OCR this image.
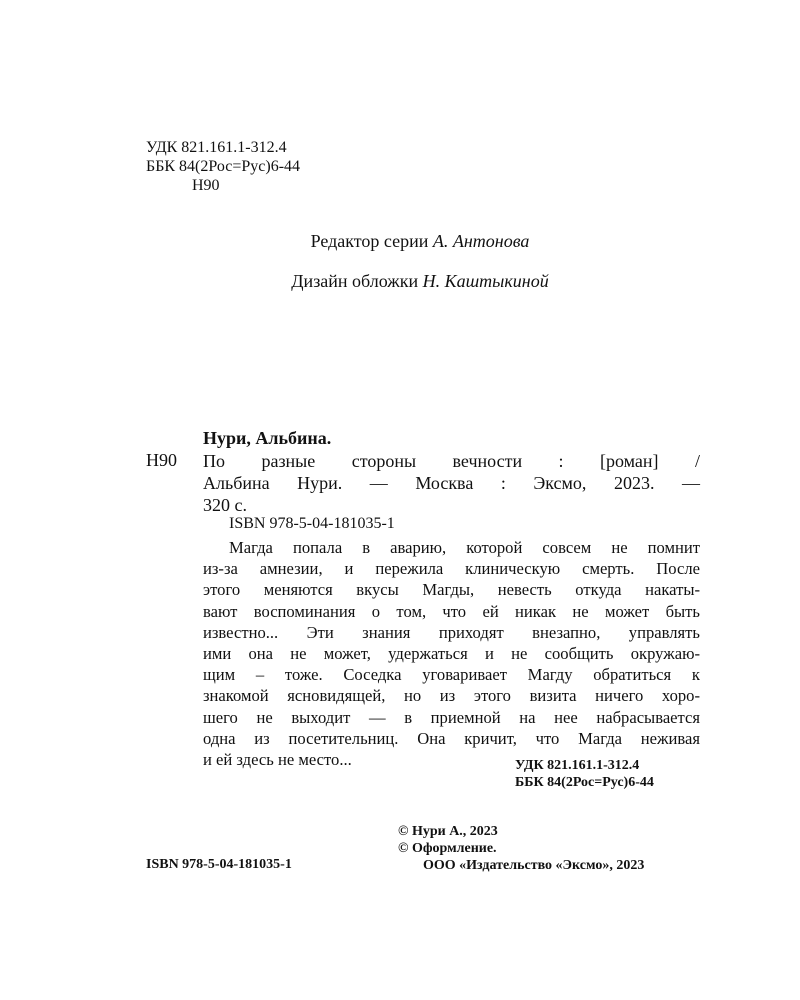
УДК 821.161.1-312.4
ББК 84(2Рос=Рус)6-44
Н90
Редактор серии А. Антонова
Дизайн обложки Н. Каштыкиной
Нури, Альбина.
Н90 По разные стороны вечности : [роман] /
Альбина Нури. — Москва : Эксмо, 2023. —
320 с.
ISBN 978-5-04-181035-1
Магда попала в аварию, которой совсем не помнит
из-за амнезии, и пережила клиническую смерть. После
этого меняются вкусы Магды, невесть откуда накаты-
вают воспоминания о том, что ей никак не может быть
известно... Эти знания приходят внезапно, управлять
ими она не может, удержаться и не сообщить окружаю-
щим – тоже. Соседка уговаривает Магду обратиться к
знакомой ясновидящей, но из этого визита ничего хоро-
шего не выходит — в приемной на нее набрасывается
одна из посетительниц. Она кричит, что Магда неживая
и ей здесь не место...	УДК 821.161.1-312.4
ББК 84(2Рос=Рус)6-44
© Нури А., 2023
© Оформление.
ООО «Издательство «Эксмо», 2023
ISBN 978-5-04-181035-1
